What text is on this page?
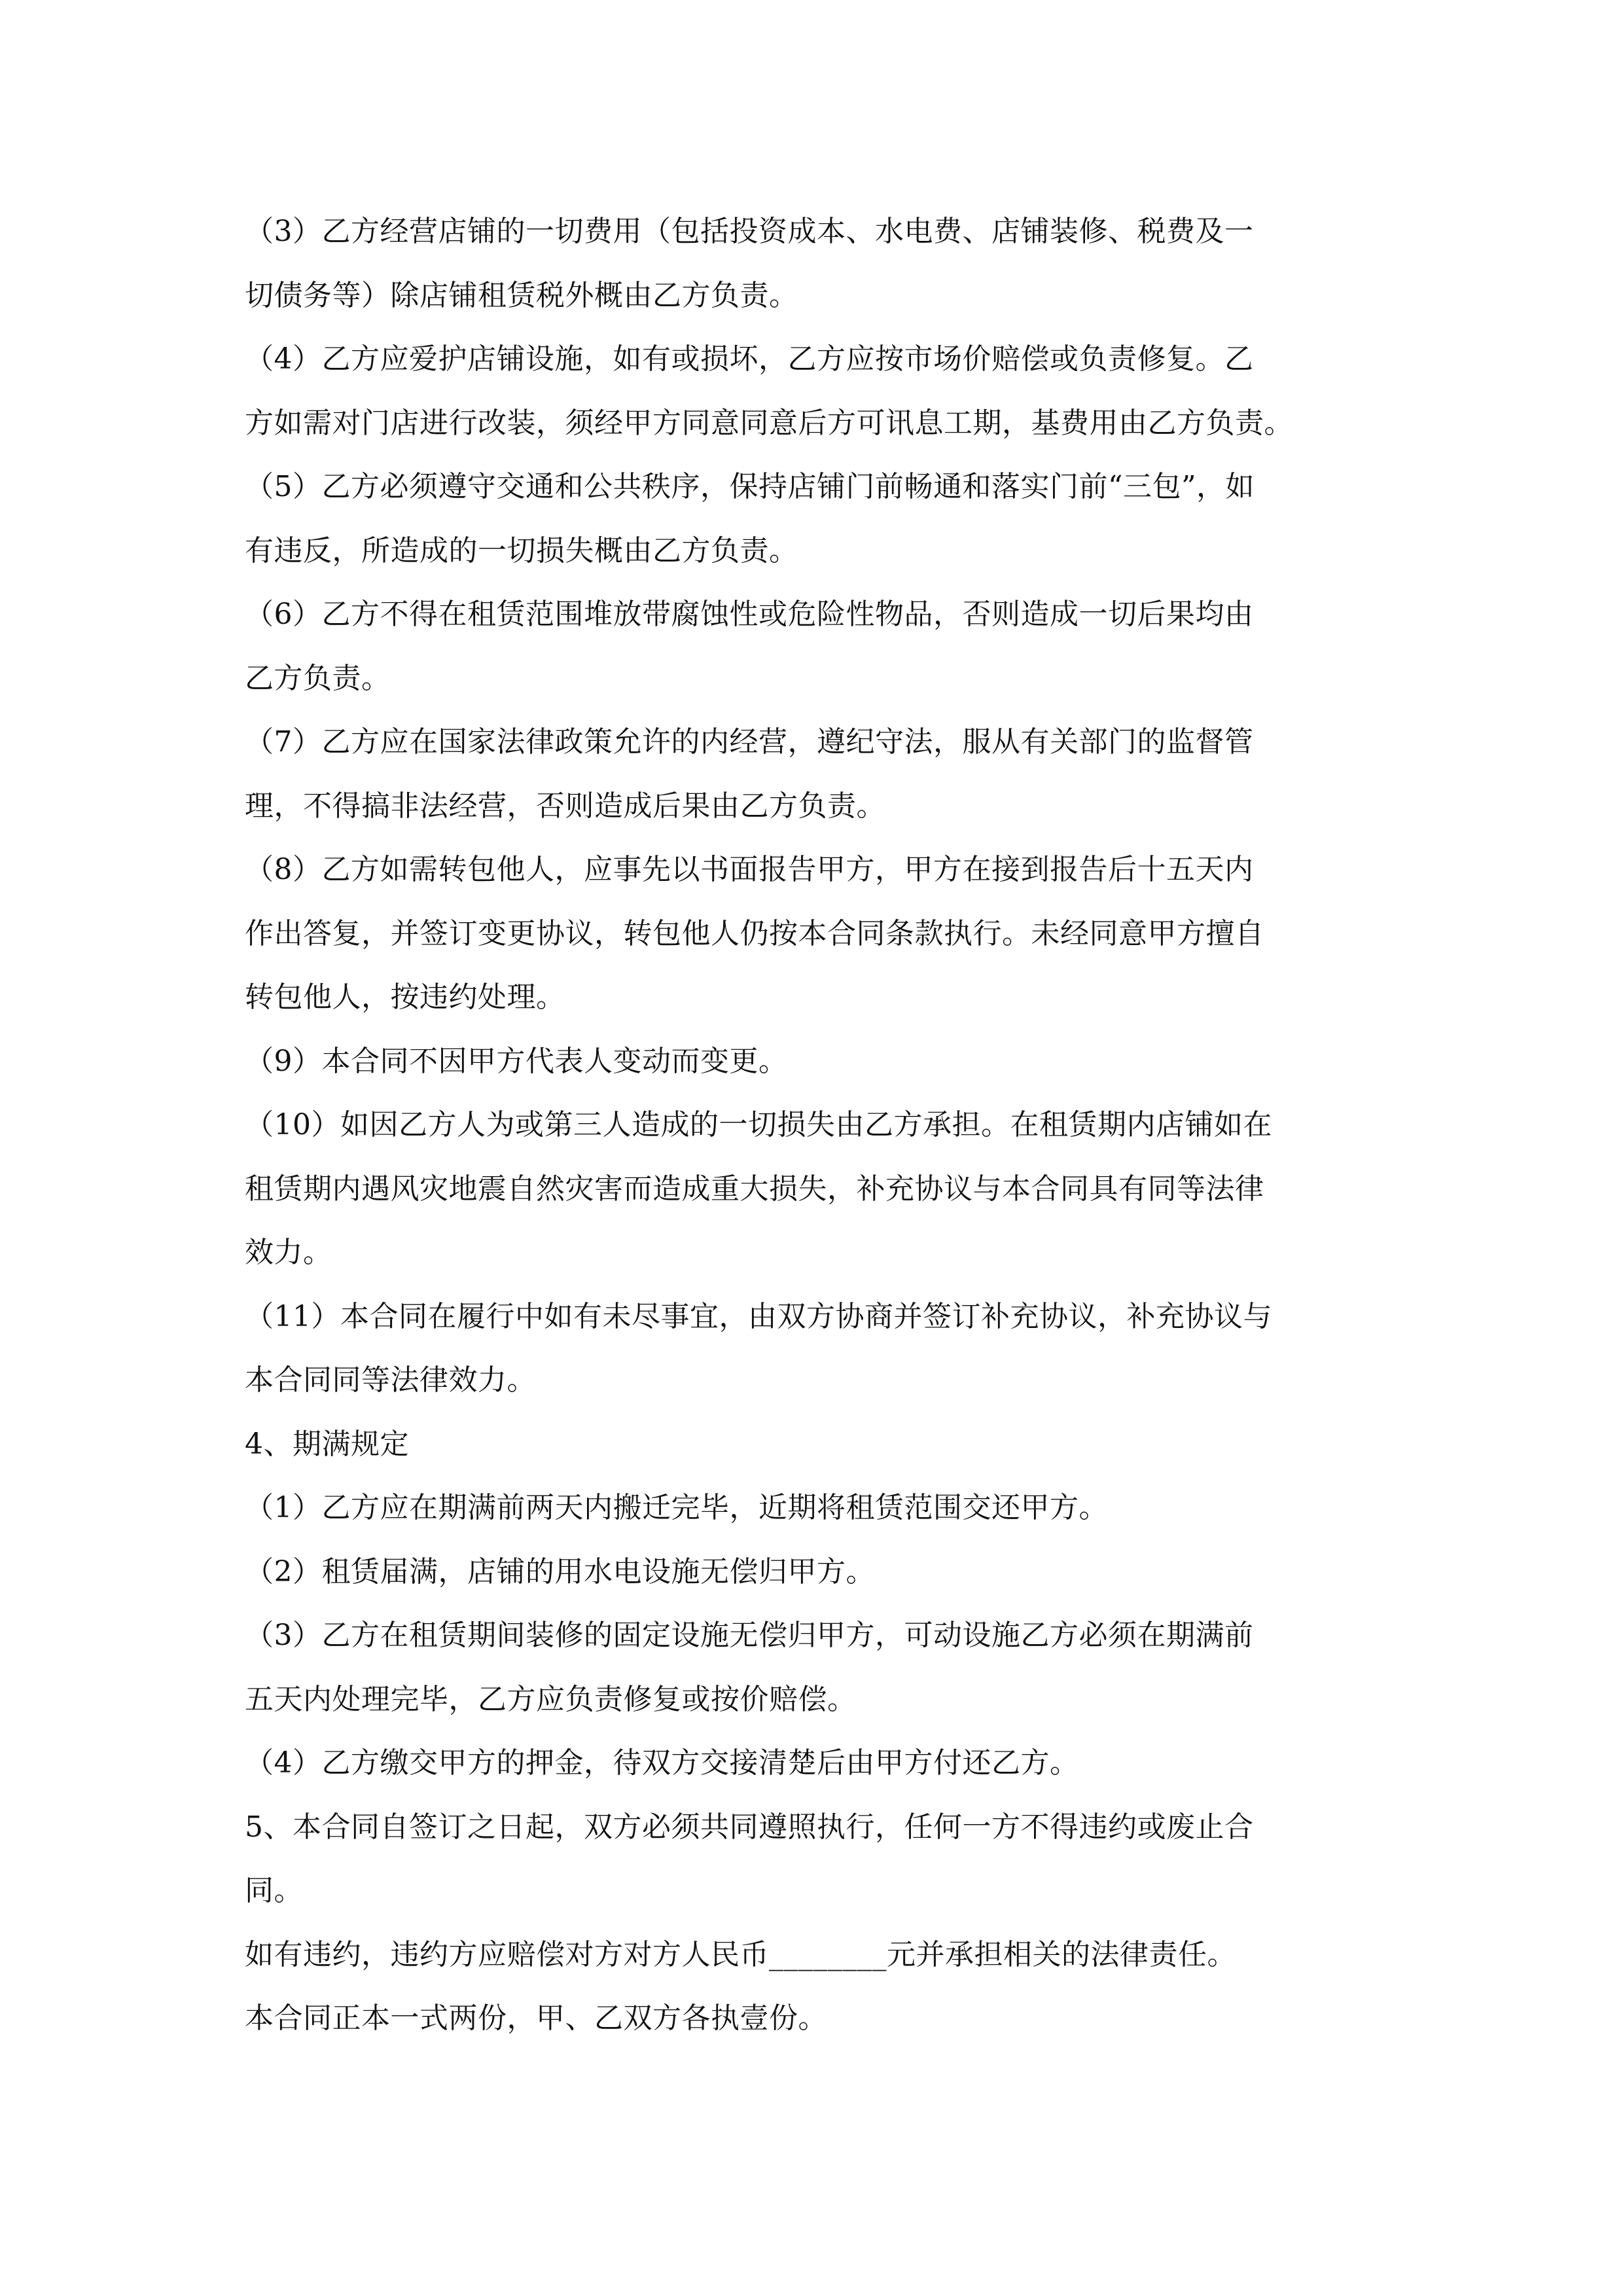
（3）乙方经营店铺的一切费用（包括投资成本、水电费、店铺装修、税费及一
切债务等）除店铺租赁税外概由乙方负责。
（4）乙方应爱护店铺设施，如有或损坏，乙方应按市场价赔偿或负责修复。乙
方如需对门店进行改装，须经甲方同意同意后方可讯息工期，基费用由乙方负责。
（5）乙方必须遵守交通和公共秩序，保持店铺门前畅通和落实门前“三包”，如
有违反，所造成的一切损失概由乙方负责。
（6）乙方不得在租赁范围堆放带腐蚀性或危险性物品，否则造成一切后果均由
乙方负责。
（7）乙方应在国家法律政策允许的内经营，遵纪守法，服从有关部门的监督管
理，不得搞非法经营，否则造成后果由乙方负责。
（8）乙方如需转包他人，应事先以书面报告甲方，甲方在接到报告后十五天内
作出答复，并签订变更协议，转包他人仍按本合同条款执行。未经同意甲方擅自
转包他人，按违约处理。
（9）本合同不因甲方代表人变动而变更。
（10）如因乙方人为或第三人造成的一切损失由乙方承担。在租赁期内店铺如在
租赁期内遇风灾地震自然灾害而造成重大损失，补充协议与本合同具有同等法律
效力。
（11）本合同在履行中如有未尽事宜，由双方协商并签订补充协议，补充协议与
本合同同等法律效力。
4、期满规定
（1）乙方应在期满前两天内搬迁完毕，近期将租赁范围交还甲方。
（2）租赁届满，店铺的用水电设施无偿归甲方。
（3）乙方在租赁期间装修的固定设施无偿归甲方，可动设施乙方必须在期满前
五天内处理完毕，乙方应负责修复或按价赔偿。
（4）乙方缴交甲方的押金，待双方交接清楚后由甲方付还乙方。
5、本合同自签订之日起，双方必须共同遵照执行，任何一方不得违约或废止合
同。
如有违约，违约方应赔偿对方对方人民币________元并承担相关的法律责任。
本合同正本一式两份，甲、乙双方各执壹份。
